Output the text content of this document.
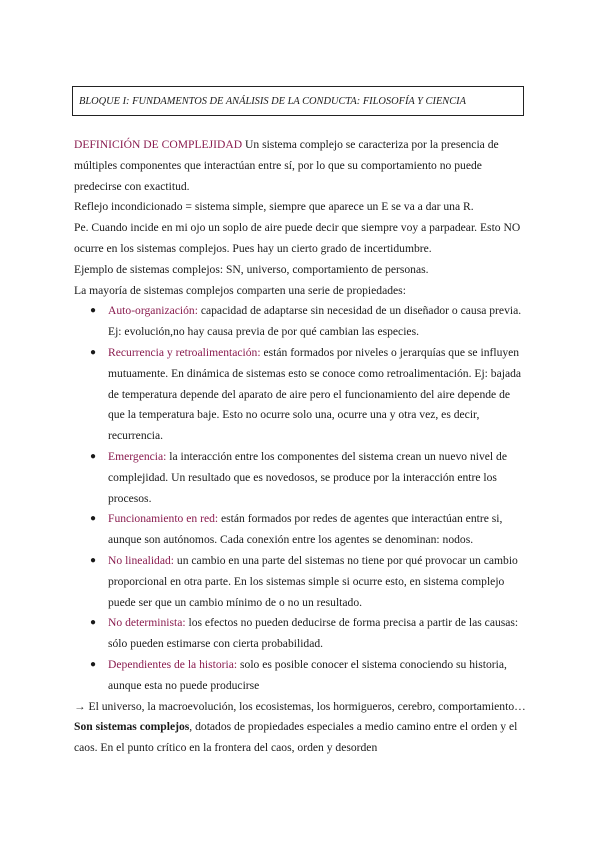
BLOQUE I: FUNDAMENTOS DE ANÁLISIS DE LA CONDUCTA: FILOSOFÍA Y CIENCIA

DEFINICIÓN DE COMPLEJIDAD Un sistema complejo se caracteriza por la presencia de múltiples componentes que interactúan entre sí, por lo que su comportamiento no puede predecirse con exactitud.

Reflejo incondicionado = sistema simple, siempre que aparece un E se va a dar una R.

Pe. Cuando incide en mi ojo un soplo de aire puede decir que siempre voy a parpadear. Esto NO ocurre en los sistemas complejos. Pues hay un cierto grado de incertidumbre.

Ejemplo de sistemas complejos: SN, universo, comportamiento de personas.

La mayoría de sistemas complejos comparten una serie de propiedades:

● Auto-organización: capacidad de adaptarse sin necesidad de un diseñador o causa previa. Ej: evolución,no hay causa previa de por qué cambian las especies.
● Recurrencia y retroalimentación: están formados por niveles o jerarquías que se influyen mutuamente. En dinámica de sistemas esto se conoce como retroalimentación. Ej: bajada de temperatura depende del aparato de aire pero el funcionamiento del aire depende de que la temperatura baje. Esto no ocurre solo una, ocurre una y otra vez, es decir, recurrencia.
● Emergencia: la interacción entre los componentes del sistema crean un nuevo nivel de complejidad. Un resultado que es novedosos, se produce por la interacción entre los procesos.
● Funcionamiento en red: están formados por redes de agentes que interactúan entre si, aunque son autónomos. Cada conexión entre los agentes se denominan: nodos.
● No linealidad: un cambio en una parte del sistemas no tiene por qué provocar un cambio proporcional en otra parte. En los sistemas simple si ocurre esto, en sistema complejo puede ser que un cambio mínimo de o no un resultado.
● No determinista: los efectos no pueden deducirse de forma precisa a partir de las causas: sólo pueden estimarse con cierta probabilidad.
● Dependientes de la historia: solo es posible conocer el sistema conociendo su historia, aunque esta no puede producirse

→ El universo, la macroevolución, los ecosistemas, los hormigueros, cerebro, comportamiento… Son sistemas complejos, dotados de propiedades especiales a medio camino entre el orden y el caos. En el punto crítico en la frontera del caos, orden y desorden
